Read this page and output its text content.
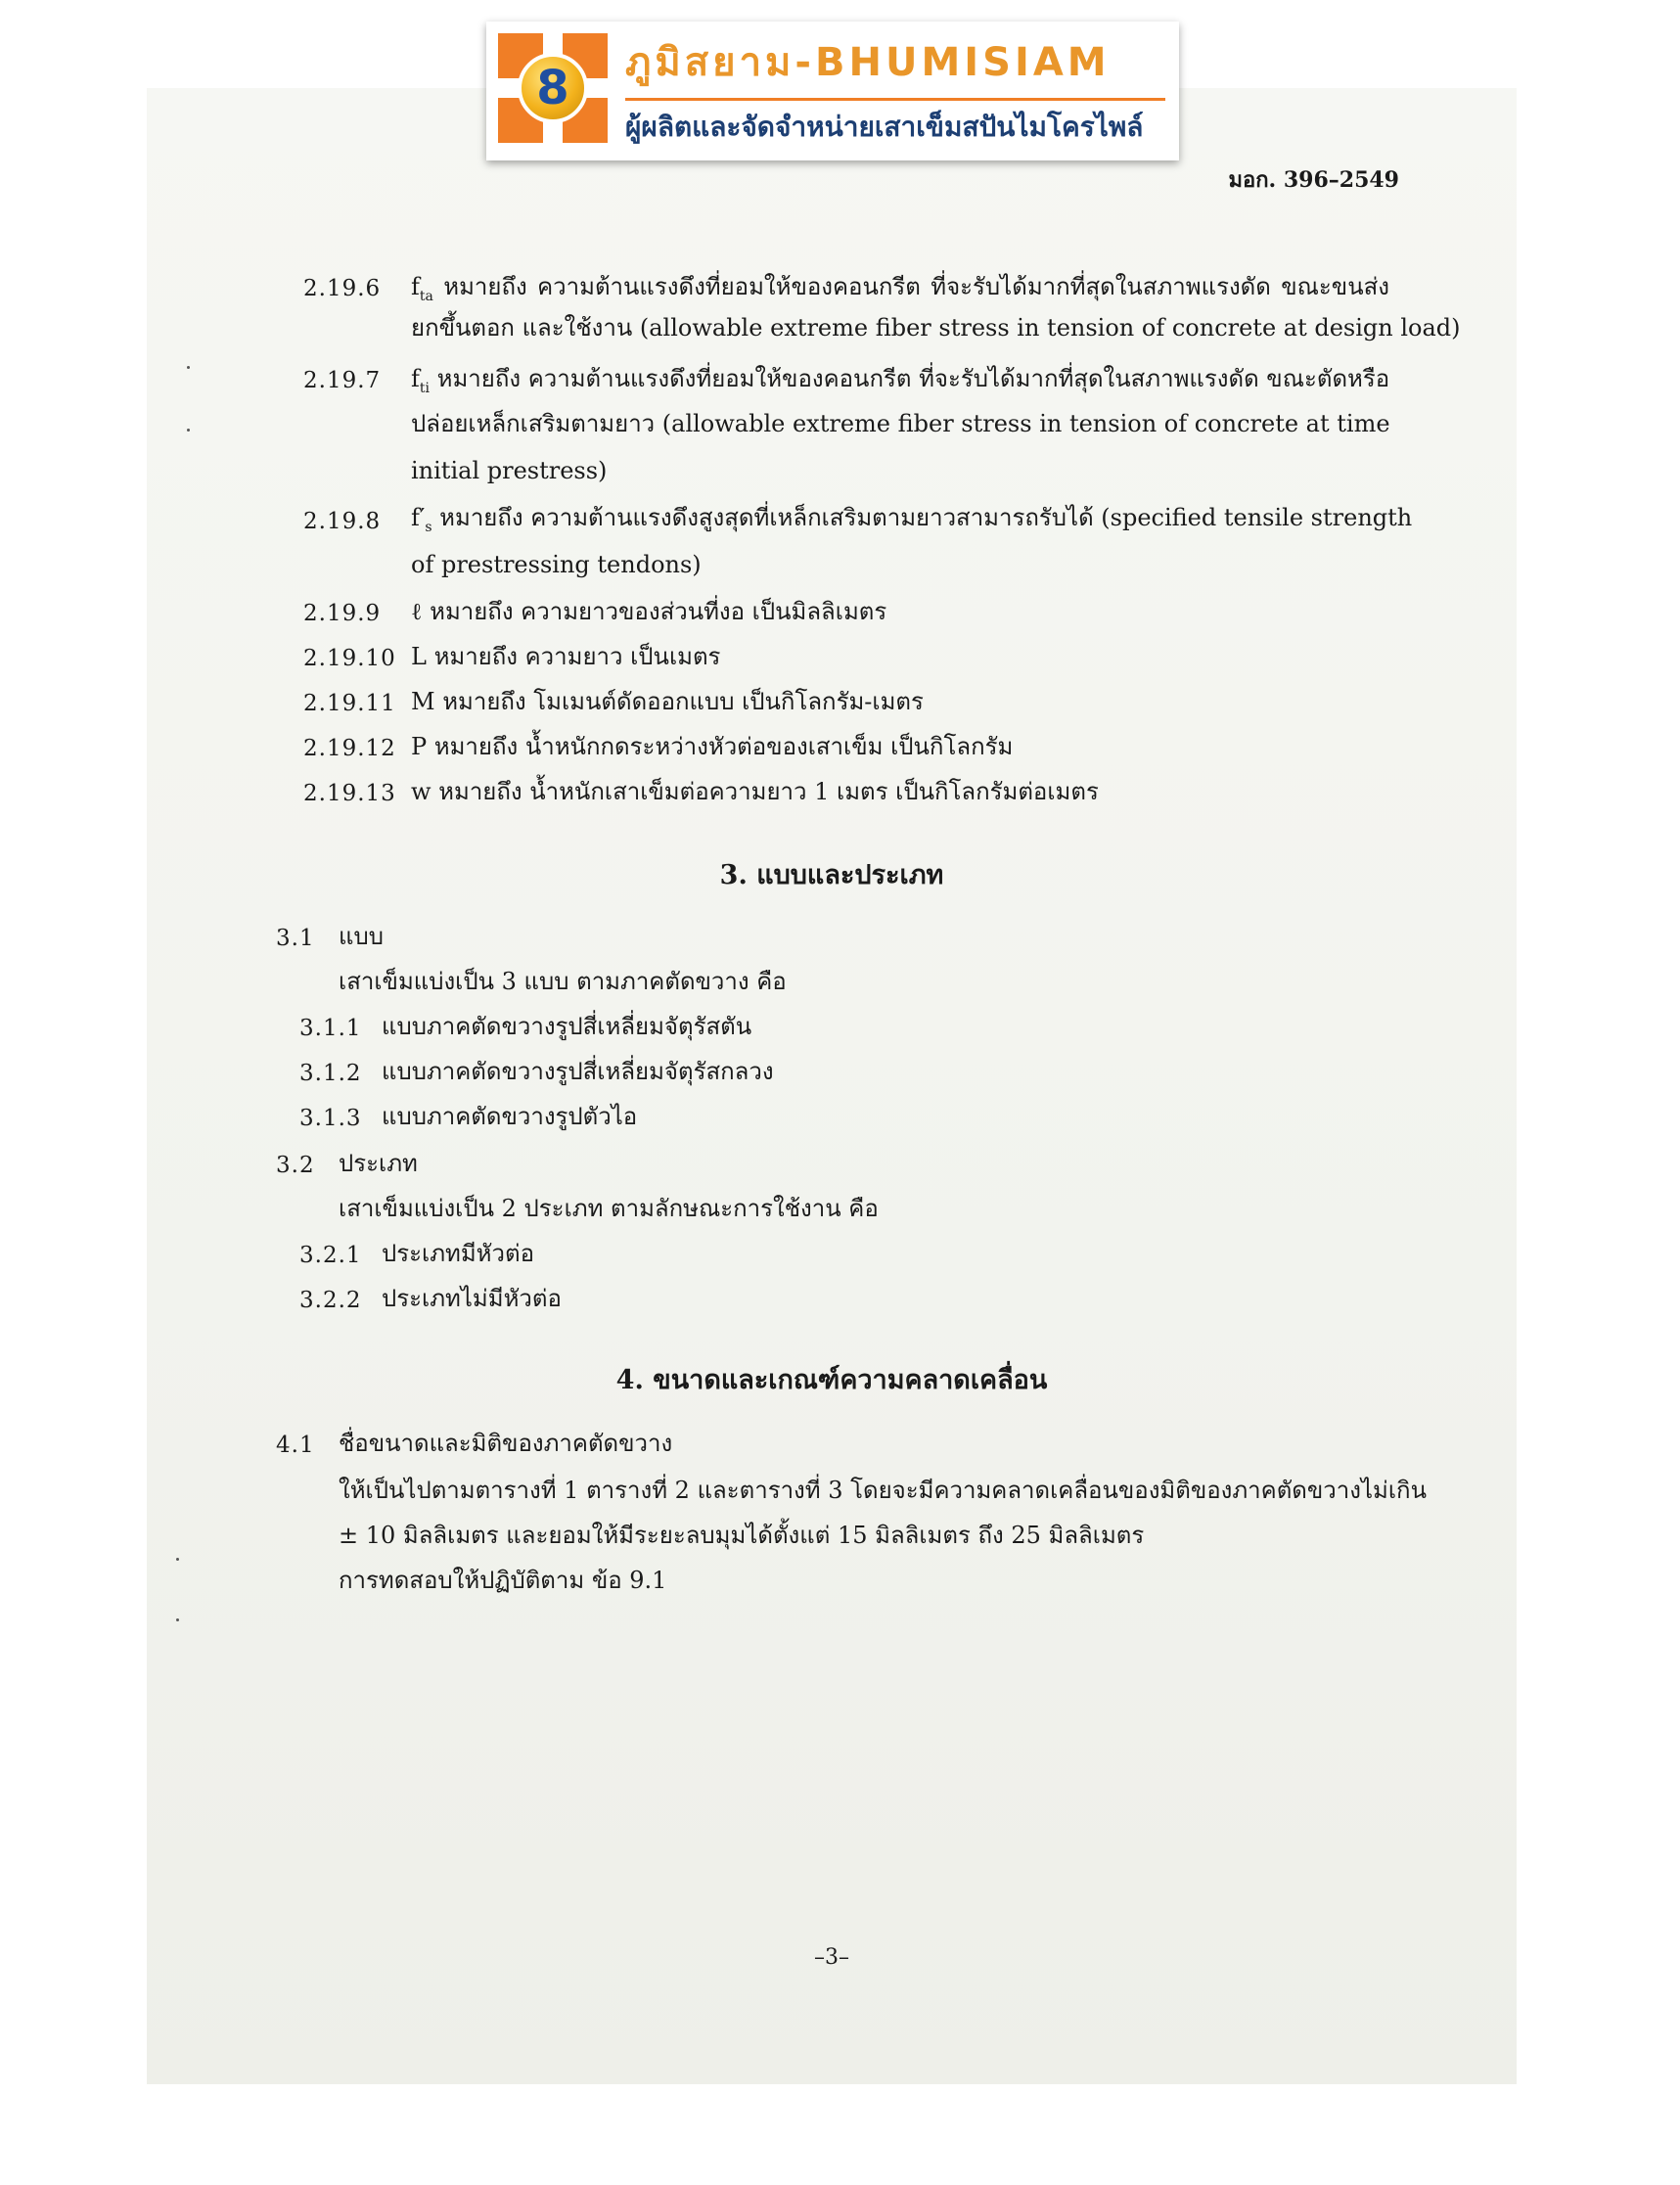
8	ภูมิสยาม-BHUMISIAM
ผู้ผลิตและจัดจำหน่ายเสาเข็มสปันไมโครไพล์
มอก. 396–2549
2.19.6 $f_{ta}$ หมายถึง ความต้านแรงดึงที่ยอมให้ของคอนกรีต ที่จะรับได้มากที่สุดในสภาพแรงดัด ขณะขนส่ง
ยกขึ้นตอก และใช้งาน (allowable extreme fiber stress in tension of concrete at design load)
2.19.7 $f_{ti}$ หมายถึง ความต้านแรงดึงที่ยอมให้ของคอนกรีต ที่จะรับได้มากที่สุดในสภาพแรงดัด ขณะตัดหรือ
ปล่อยเหล็กเสริมตามยาว (allowable extreme fiber stress in tension of concrete at time
initial prestress)
2.19.8 $f'_s$ หมายถึง ความต้านแรงดึงสูงสุดที่เหล็กเสริมตามยาวสามารถรับได้ (specified tensile strength
of prestressing tendons)
2.19.9 ℓ หมายถึง ความยาวของส่วนที่งอ เป็นมิลลิเมตร
2.19.10 L หมายถึง ความยาว เป็นเมตร
2.19.11 M หมายถึง โมเมนต์ดัดออกแบบ เป็นกิโลกรัม-เมตร
2.19.12 P หมายถึง น้ำหนักกดระหว่างหัวต่อของเสาเข็ม เป็นกิโลกรัม
2.19.13 w หมายถึง น้ำหนักเสาเข็มต่อความยาว 1 เมตร เป็นกิโลกรัมต่อเมตร
3. แบบและประเภท
3.1 แบบ
เสาเข็มแบ่งเป็น 3 แบบ ตามภาคตัดขวาง คือ
3.1.1 แบบภาคตัดขวางรูปสี่เหลี่ยมจัตุรัสตัน
3.1.2 แบบภาคตัดขวางรูปสี่เหลี่ยมจัตุรัสกลวง
3.1.3 แบบภาคตัดขวางรูปตัวไอ
3.2 ประเภท
เสาเข็มแบ่งเป็น 2 ประเภท ตามลักษณะการใช้งาน คือ
3.2.1 ประเภทมีหัวต่อ
3.2.2 ประเภทไม่มีหัวต่อ
4. ขนาดและเกณฑ์ความคลาดเคลื่อน
4.1 ชื่อขนาดและมิติของภาคตัดขวาง
ให้เป็นไปตามตารางที่ 1 ตารางที่ 2 และตารางที่ 3 โดยจะมีความคลาดเคลื่อนของมิติของภาคตัดขวางไม่เกิน
± 10 มิลลิเมตร และยอมให้มีระยะลบมุมได้ตั้งแต่ 15 มิลลิเมตร ถึง 25 มิลลิเมตร
การทดสอบให้ปฏิบัติตาม ข้อ 9.1
–3–
